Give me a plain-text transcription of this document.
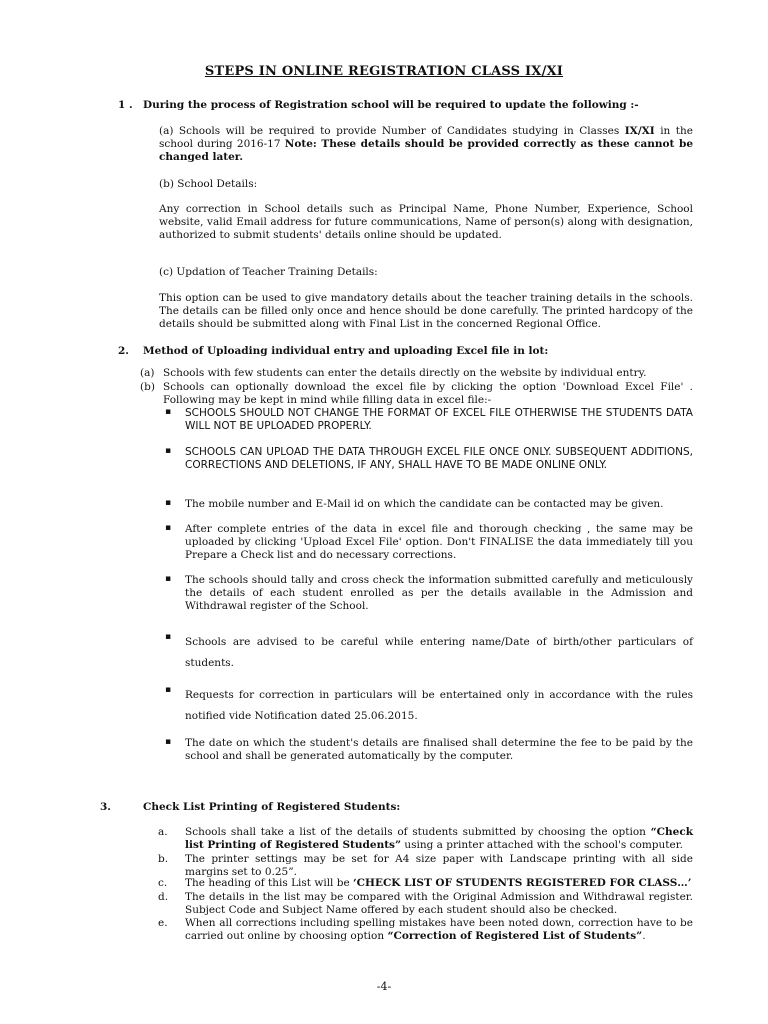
STEPS IN ONLINE REGISTRATION CLASS IX/XI
1 . During the process of Registration school will be required to update the following :-
(a) Schools will be required to provide Number of Candidates studying in Classes IX/XI in the school during 2016-17 Note: These details should be provided correctly as these cannot be changed later.
(b) School Details:
Any correction in School details such as Principal Name, Phone Number, Experience, School website, valid Email address for future communications, Name of person(s) along with designation, authorized to submit students' details online should be updated.
(c) Updation of Teacher Training Details:
This option can be used to give mandatory details about the teacher training details in the schools. The details can be filled only once and hence should be done carefully. The printed hardcopy of the details should be submitted along with Final List in the concerned Regional Office.
2. Method of Uploading individual entry and uploading Excel file in lot:
(a) Schools with few students can enter the details directly on the website by individual entry.
(b) Schools can optionally download the excel file by clicking the option 'Download Excel File' . Following may be kept in mind while filling data in excel file:-
▪ SCHOOLS SHOULD NOT CHANGE THE FORMAT OF EXCEL FILE OTHERWISE THE STUDENTS DATA WILL NOT BE UPLOADED PROPERLY.
▪ SCHOOLS CAN UPLOAD THE DATA THROUGH EXCEL FILE ONCE ONLY. SUBSEQUENT ADDITIONS, CORRECTIONS AND DELETIONS, IF ANY, SHALL HAVE TO BE MADE ONLINE ONLY.
▪ The mobile number and E-Mail id on which the candidate can be contacted may be given.
▪ After complete entries of the data in excel file and thorough checking , the same may be uploaded by clicking 'Upload Excel File' option. Don't FINALISE the data immediately till you Prepare a Check list and do necessary corrections.
▪ The schools should tally and cross check the information submitted carefully and meticulously the details of each student enrolled as per the details available in the Admission and Withdrawal register of the School.
▪ Schools are advised to be careful while entering name/Date of birth/other particulars of students.
▪ Requests for correction in particulars will be entertained only in accordance with the rules notified vide Notification dated 25.06.2015.
▪ The date on which the student's details are finalised shall determine the fee to be paid by the school and shall be generated automatically by the computer.
3.	Check List Printing of Registered Students:
a. Schools shall take a list of the details of students submitted by choosing the option “Check list Printing of Registered Students” using a printer attached with the school's computer.
b. The printer settings may be set for A4 size paper with Landscape printing with all side margins set to 0.25”.
c. The heading of this List will be ‘CHECK LIST OF STUDENTS REGISTERED FOR CLASS…’
d. The details in the list may be compared with the Original Admission and Withdrawal register. Subject Code and Subject Name offered by each student should also be checked.
e. When all corrections including spelling mistakes have been noted down, correction have to be carried out online by choosing option “Correction of Registered List of Students”.
-4-
